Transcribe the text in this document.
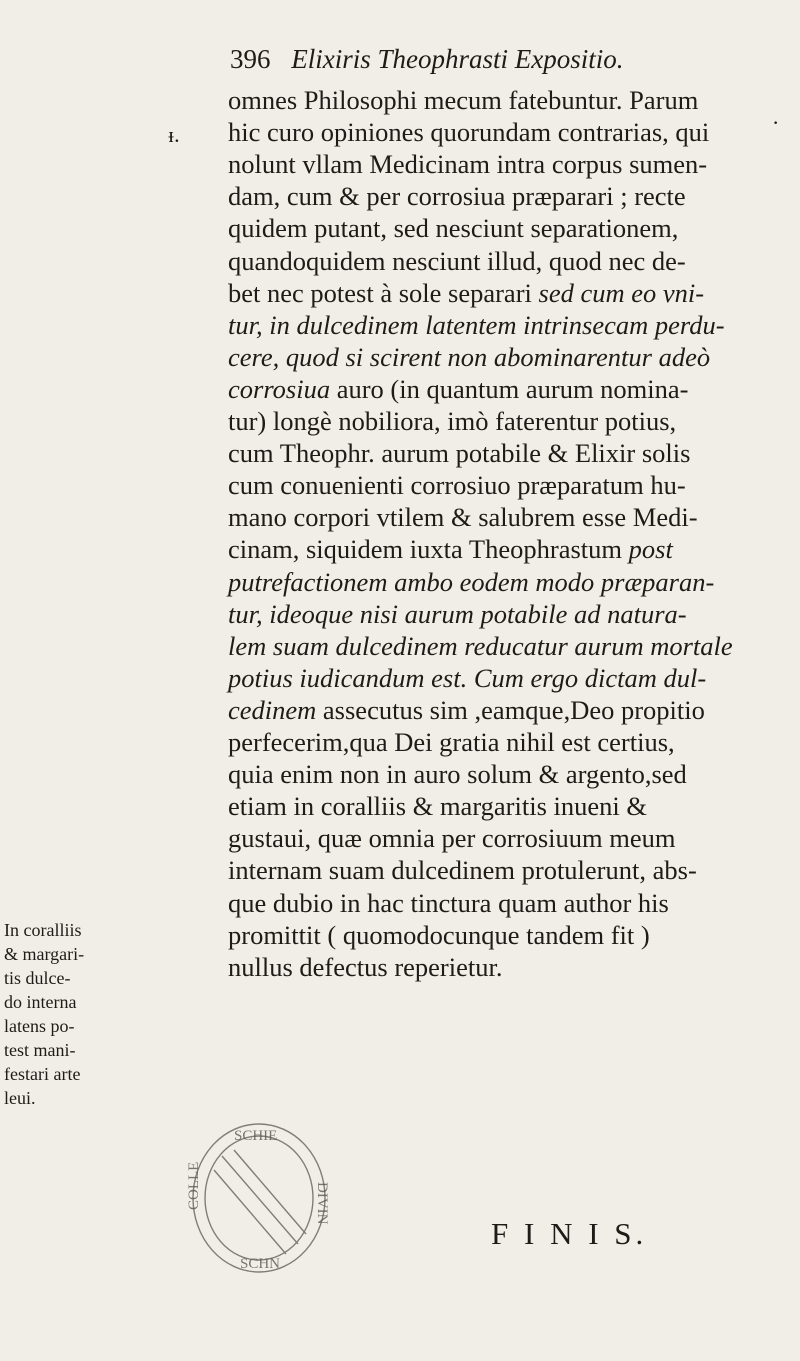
396 Elixiris Theophrasti Expositio.
omnes Philosophi mecum fatebuntur. Parum
hic curo opiniones quorundam contrarias, qui
nolunt vllam Medicinam intra corpus sumen-
dam, cum & per corrosiua præparari ; recte
quidem putant, sed nesciunt separationem,
quandoquidem nesciunt illud, quod nec de-
bet nec potest à sole separari sed cum eo vni-
tur, in dulcedinem latentem intrinsecam perdu-
cere, quod si scirent non abominarentur adeò
corrosiua auro (in quantum aurum nomina-
tur) longè nobiliora, imò faterentur potius,
cum Theophr. aurum potabile & Elixir solis
cum conuenienti corrosiuo præparatum hu-
mano corpori vtilem & salubrem esse Medi-
cinam, siquidem iuxta Theophrastum post
putrefactionem ambo eodem modo præparan-
tur, ideoque nisi aurum potabile ad natura-
lem suam dulcedinem reducatur aurum mortale
potius iudicandum est. Cum ergo dictam dul-
cedinem assecutus sim ,eamque,Deo propitio
perfecerim,qua Dei gratia nihil est certius,
quia enim non in auro solum & argento,sed
etiam in coralliis & margaritis inueni &
gustaui, quæ omnia per corrosiuum meum
internam suam dulcedinem protulerunt, abs-
que dubio in hac tinctura quam author his
promittit ( quomodocunque tandem fit )
nullus defectus reperietur.
In coralliis
& margari-
tis dulce-
do interna
latens po-
test mani-
festari arte
leui.
F I N I S.
ᵻ.	·
SCHIE
COLLE	DIVIN
SCHN
